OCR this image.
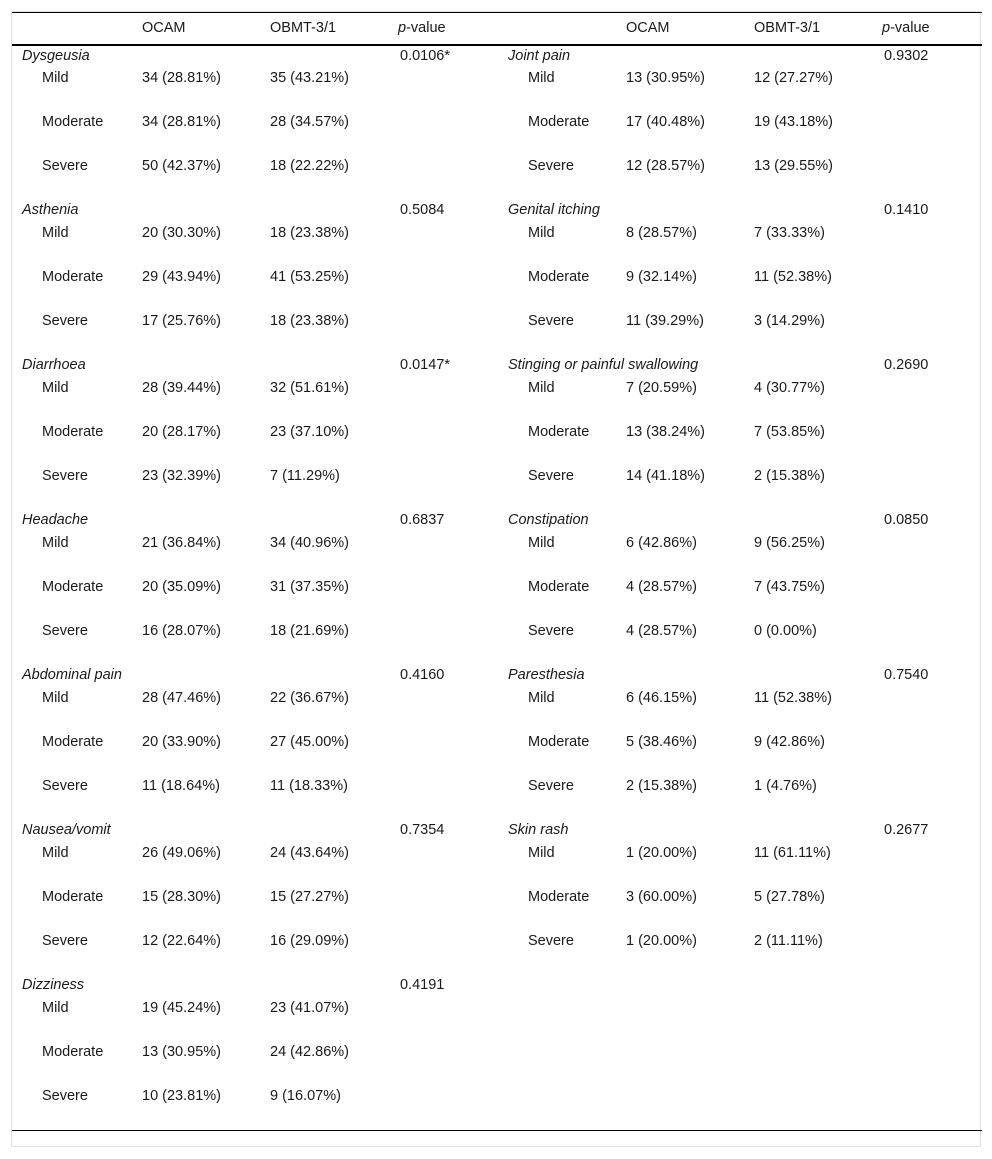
	OCAM	OBMT-3/1	p-value		OCAM	OBMT-3/1	p-value
Dysgeusia			0.0106*	Joint pain			0.9302
Mild	34 (28.81%)	35 (43.21%)		Mild	13 (30.95%)	12 (27.27%)	
Moderate	34 (28.81%)	28 (34.57%)		Moderate	17 (40.48%)	19 (43.18%)	
Severe	50 (42.37%)	18 (22.22%)		Severe	12 (28.57%)	13 (29.55%)	
Asthenia			0.5084	Genital itching			0.1410
Mild	20 (30.30%)	18 (23.38%)		Mild	8 (28.57%)	7 (33.33%)	
Moderate	29 (43.94%)	41 (53.25%)		Moderate	9 (32.14%)	11 (52.38%)	
Severe	17 (25.76%)	18 (23.38%)		Severe	11 (39.29%)	3 (14.29%)	
Diarrhoea			0.0147*	Stinging or painful swallowing			0.2690
Mild	28 (39.44%)	32 (51.61%)		Mild	7 (20.59%)	4 (30.77%)	
Moderate	20 (28.17%)	23 (37.10%)		Moderate	13 (38.24%)	7 (53.85%)	
Severe	23 (32.39%)	7 (11.29%)		Severe	14 (41.18%)	2 (15.38%)	
Headache			0.6837	Constipation			0.0850
Mild	21 (36.84%)	34 (40.96%)		Mild	6 (42.86%)	9 (56.25%)	
Moderate	20 (35.09%)	31 (37.35%)		Moderate	4 (28.57%)	7 (43.75%)	
Severe	16 (28.07%)	18 (21.69%)		Severe	4 (28.57%)	0 (0.00%)	
Abdominal pain			0.4160	Paresthesia			0.7540
Mild	28 (47.46%)	22 (36.67%)		Mild	6 (46.15%)	11 (52.38%)	
Moderate	20 (33.90%)	27 (45.00%)		Moderate	5 (38.46%)	9 (42.86%)	
Severe	11 (18.64%)	11 (18.33%)		Severe	2 (15.38%)	1 (4.76%)	
Nausea/vomit			0.7354	Skin rash			0.2677
Mild	26 (49.06%)	24 (43.64%)		Mild	1 (20.00%)	11 (61.11%)	
Moderate	15 (28.30%)	15 (27.27%)		Moderate	3 (60.00%)	5 (27.78%)	
Severe	12 (22.64%)	16 (29.09%)		Severe	1 (20.00%)	2 (11.11%)	
Dizziness			0.4191				
Mild	19 (45.24%)	23 (41.07%)					
Moderate	13 (30.95%)	24 (42.86%)					
Severe	10 (23.81%)	9 (16.07%)					
